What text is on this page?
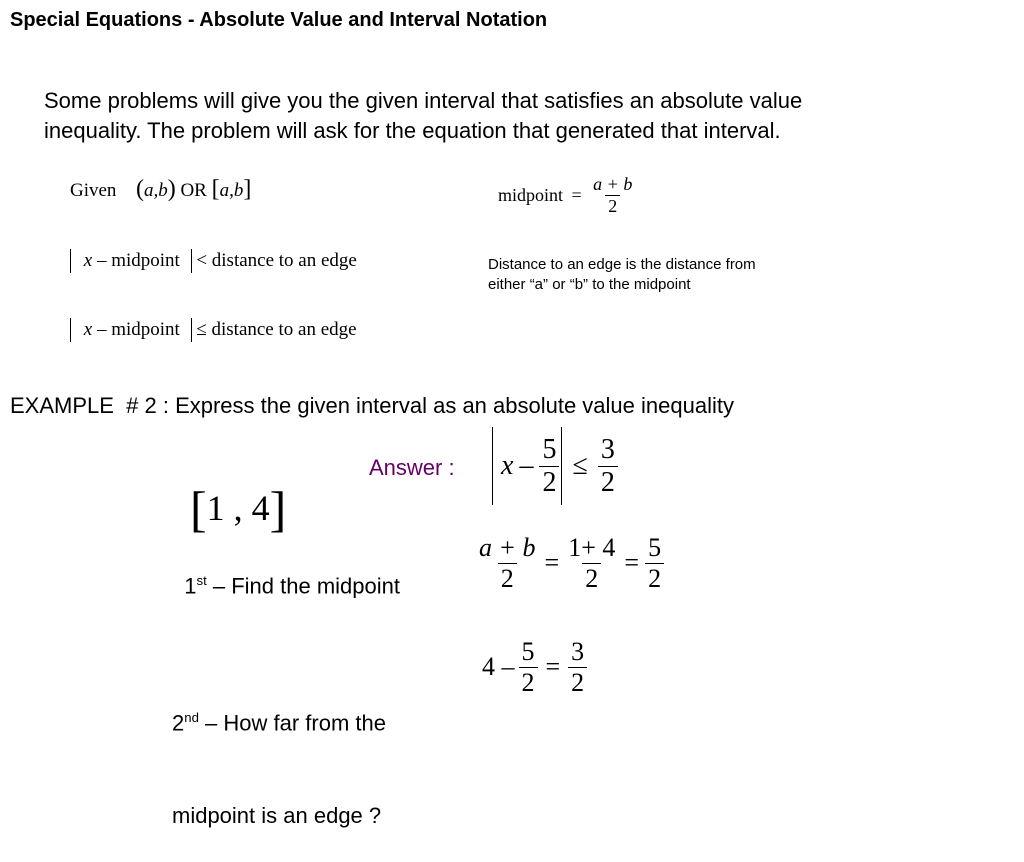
Special Equations - Absolute Value and Interval Notation
Some problems will give you the given interval that satisfies an absolute value
inequality. The problem will ask for the equation that generated that interval.
Given (a,b) OR [a,b]	midpoint = $\frac{a + b}{2}$
x – midpoint < distance to an edge
x – midpoint ≤ distance to an edge
Distance to an edge is the distance from
either “a” or “b” to the midpoint
EXAMPLE  # 2 : Express the given interval as an absolute value inequality

[1 , 4]

Answer : $x - \frac{5}{2} \le \frac{3}{2}$

1st – Find the midpoint	$\frac{a + b}{2} = \frac{1+ 4}{2} = \frac{5}{2}$

2nd – How far from the

midpoint is an edge ?

$4 - \frac{5}{2} = \frac{3}{2}$
